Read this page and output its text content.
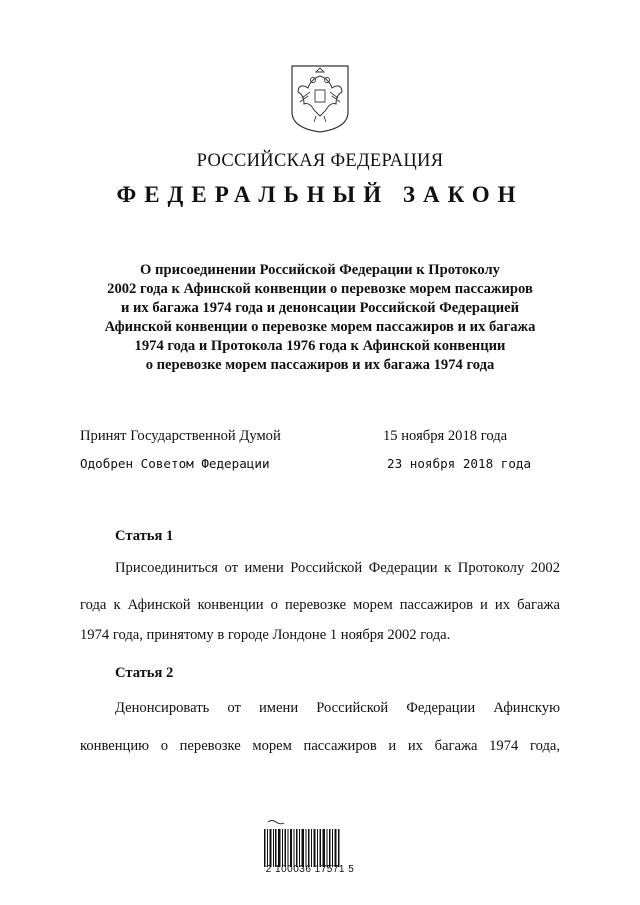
РОССИЙСКАЯ ФЕДЕРАЦИЯ
ФЕДЕРАЛЬНЫЙ ЗАКОН
О присоединении Российской Федерации к Протоколу
2002 года к Афинской конвенции о перевозке морем пассажиров
и их багажа 1974 года и денонсации Российской Федерацией
Афинской конвенции о перевозке морем пассажиров и их багажа
1974 года и Протокола 1976 года к Афинской конвенции
о перевозке морем пассажиров и их багажа 1974 года
Принят Государственной Думой	15 ноября 2018 года
Одобрен Советом Федерации	23 ноября 2018 года
Статья 1
Присоединиться от имени Российской Федерации к Протоколу 2002
года к Афинской конвенции о перевозке морем пассажиров и их багажа
1974 года, принятому в городе Лондоне 1 ноября 2002 года.
Статья 2
Денонсировать от имени Российской Федерации Афинскую
конвенцию о перевозке морем пассажиров и их багажа 1974 года,
2 100036 17571 5
